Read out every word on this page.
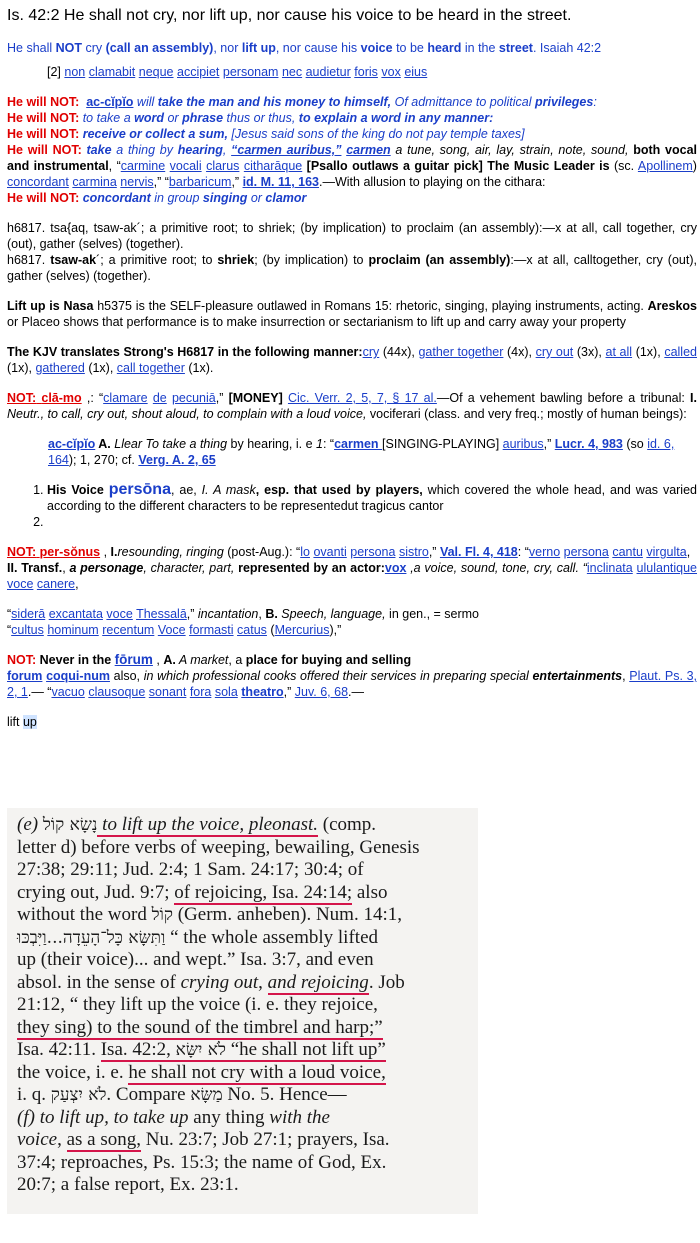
Is. 42:2 He shall not cry, nor lift up, nor cause his voice to be heard in the street.

He shall NOT cry (call an assembly), nor lift up, nor cause his voice to be heard in the street. Isaiah 42:2

[2] non clamabit neque accipiet personam nec audietur foris vox eius

He will NOT: ac-cĭpĭo will take the man and his money to himself, Of admittance to political privileges:
He will NOT: to take a word or phrase thus or thus, to explain a word in any manner:
He will NOT: receive or collect a sum, [Jesus said sons of the king do not pay temple taxes]
He will NOT: take a thing by hearing, “carmen auribus,” carmen a tune, song, air, lay, strain, note, sound, both vocal and instrumental, “carmine vocali clarus citharāque [Psallo outlaws a guitar pick] The Music Leader is (sc. Apollinem) concordant carmina nervis,” “barbaricum,” id. M. 11, 163.—With allusion to playing on the cithara:
He will NOT: concordant in group singing or clamor
h6817. tsa{aq, tsaw-ak´; a primitive root; to shriek; (by implication) to proclaim (an assembly):—x at all, call together, cry (out), gather (selves) (together).
h6817. tsaw-ak´; a primitive root; to shriek; (by implication) to proclaim (an assembly):—x at all, calltogether, cry (out), gather (selves) (together).
Lift up is Nasa h5375 is the SELF-pleasure outlawed in Romans 15: rhetoric, singing, playing instruments, acting. Areskos or Placeo shows that performance is to make insurrection or sectarianism to lift up and carry away your property
The KJV translates Strong's H6817 in the following manner:cry (44x), gather together (4x), cry out (3x), at all (1x), called (1x), gathered (1x), call together (1x).
NOT: clā-mo ,: “clamare de pecuniā,” [MONEY] Cic. Verr. 2, 5, 7, § 17 al.—Of a vehement bawling before a tribunal: I. Neutr., to call, cry out, shout aloud, to complain with a loud voice, vociferari (class. and very freq.; mostly of human beings):
ac-cĭpĭo A. Llear To take a thing by hearing, i. e 1: “carmen [SINGING-PLAYING] auribus,” Lucr. 4, 983 (so id. 6, 164); 1, 270; cf. Verg. A. 2, 65
1. His Voice persōna, ae, I. A mask, esp. that used by players, which covered the whole head, and was varied according to the different characters to be representedut tragicus cantor
2.
NOT: per-sŏnus , I.resounding, ringing (post-Aug.): “lo ovanti persona sistro,” Val. Fl. 4, 418: “verno persona cantu virgulta,
II. Transf., a personage, character, part, represented by an actor:vox ,a voice, sound, tone, cry, call. “inclinata ululantique voce canere,
“siderā excantata voce Thessalā,” incantation, B. Speech, language, in gen., = sermo
“cultus hominum recentum Voce formasti catus (Mercurius),”
NOT: Never in the fōrum , A. A market, a place for buying and selling
forum coqui-num also, in which professional cooks offered their services in preparing special entertainments, Plaut. Ps. 3, 2, 1.— “vacuo clausoque sonant fora sola theatro,” Juv. 6, 68.—
lift up
(e) נָשָׂא קוֹל to lift up the voice, pleonast. (comp.
letter d) before verbs of weeping, bewailing, Genesis
27:38; 29:11; Jud. 2:4; 1 Sam. 24:17; 30:4; of
crying out, Jud. 9:7; of rejoicing, Isa. 24:14; also
without the word קוֹל (Germ. anheben). Num. 14:1,
וַתִּשָּׂא כָּל־הָעֵדָה...וַיִּבְכּוּ “ the whole assembly lifted
up (their voice)... and wept.” Isa. 3:7, and even
absol. in the sense of crying out, and rejoicing. Job
21:12, “ they lift up the voice (i. e. they rejoice,
they sing) to the sound of the timbrel and harp;”
Isa. 42:11. Isa. 42:2, לֹא יִשָּׂא “he shall not lift up”
the voice, i. e. he shall not cry with a loud voice,
i. q. לֹא יִצְעַק. Compare מַשָּׂא No. 5. Hence—
(f) to lift up, to take up any thing with the
voice, as a song, Nu. 23:7; Job 27:1; prayers, Isa.
37:4; reproaches, Ps. 15:3; the name of God, Ex.
20:7; a false report, Ex. 23:1.
